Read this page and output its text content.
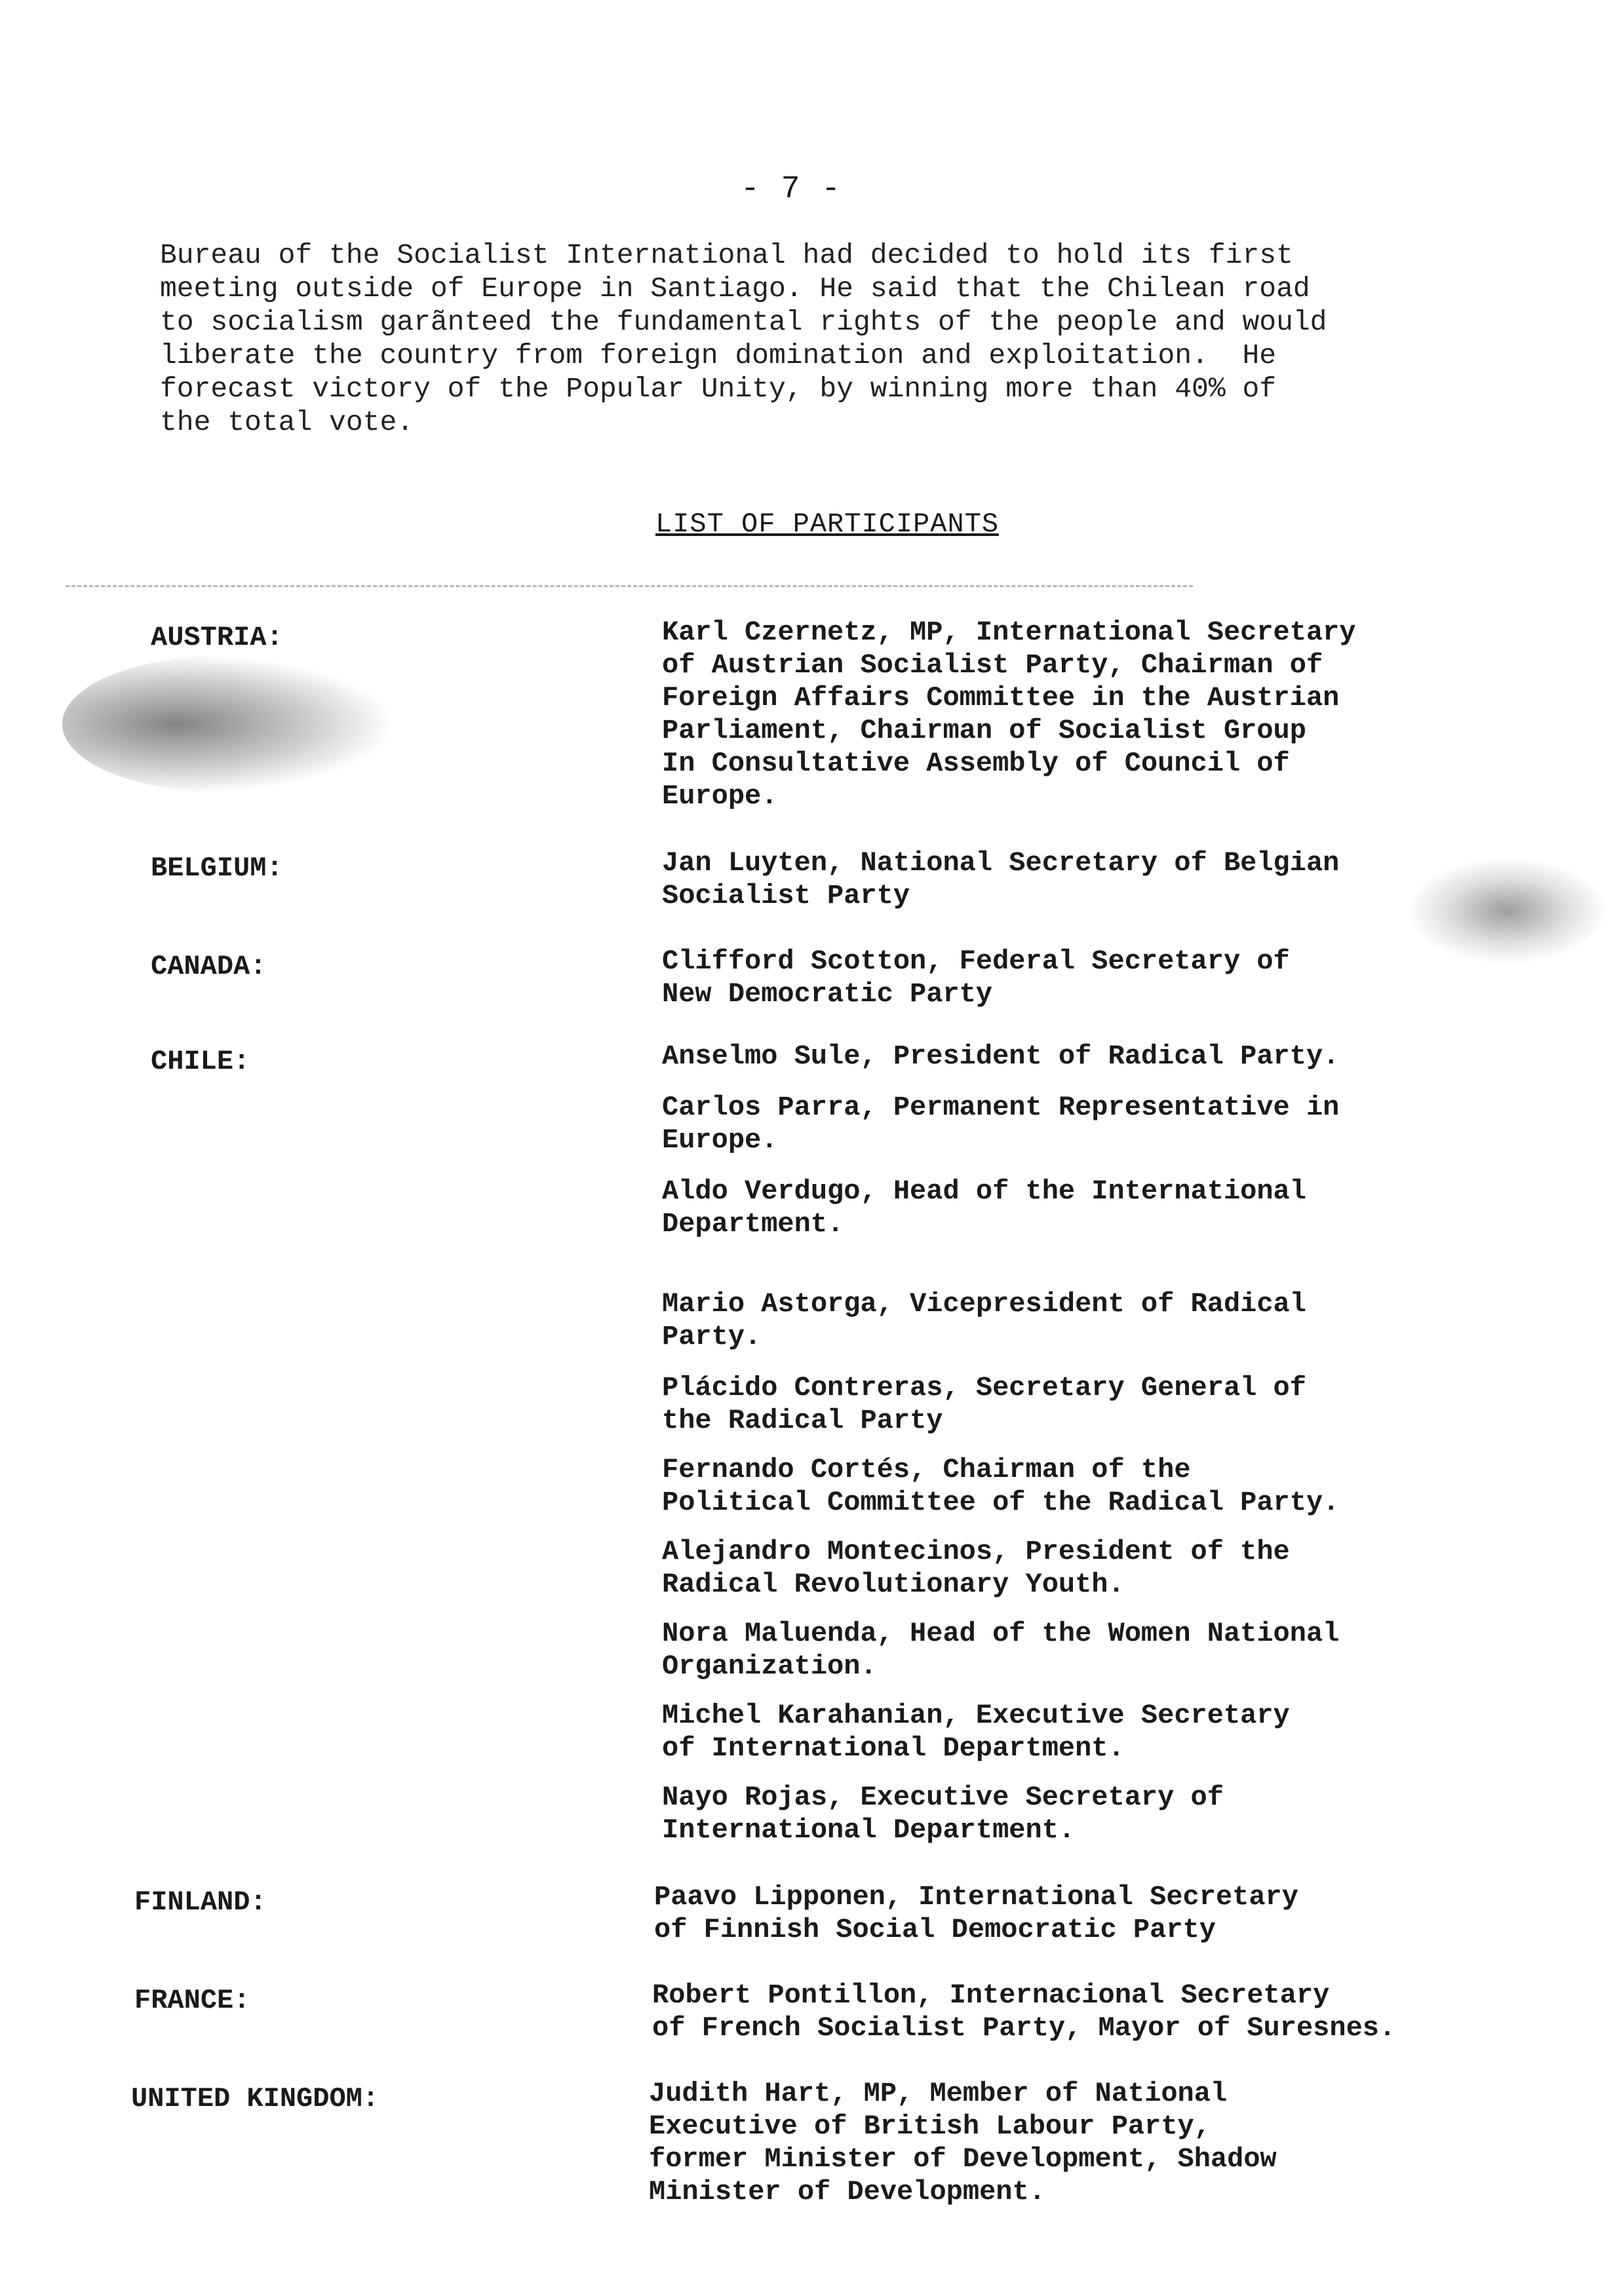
- 7 -
Bureau of the Socialist International had decided to hold its first
meeting outside of Europe in Santiago. He said that the Chilean road
to socialism garãnteed the fundamental rights of the people and would
liberate the country from foreign domination and exploitation.  He
forecast victory of the Popular Unity, by winning more than 40% of
the total vote.
LIST OF PARTICIPANTS
AUSTRIA:	Karl Czernetz, MP, International Secretary
of Austrian Socialist Party, Chairman of
Foreign Affairs Committee in the Austrian
Parliament, Chairman of Socialist Group
In Consultative Assembly of Council of
Europe.
BELGIUM:	Jan Luyten, National Secretary of Belgian
Socialist Party
CANADA:	Clifford Scotton, Federal Secretary of
New Democratic Party
CHILE:	Anselmo Sule, President of Radical Party.
Carlos Parra, Permanent Representative in
Europe.
Aldo Verdugo, Head of the International
Department.
Mario Astorga, Vicepresident of Radical
Party.
Plácido Contreras, Secretary General of
the Radical Party
Fernando Cortés, Chairman of the
Political Committee of the Radical Party.
Alejandro Montecinos, President of the
Radical Revolutionary Youth.
Nora Maluenda, Head of the Women National
Organization.
Michel Karahanian, Executive Secretary
of International Department.
Nayo Rojas, Executive Secretary of
International Department.
FINLAND:	Paavo Lipponen, International Secretary
of Finnish Social Democratic Party
FRANCE:	Robert Pontillon, Internacional Secretary
of French Socialist Party, Mayor of Suresnes.
UNITED KINGDOM:	Judith Hart, MP, Member of National
Executive of British Labour Party,
former Minister of Development, Shadow
Minister of Development.
